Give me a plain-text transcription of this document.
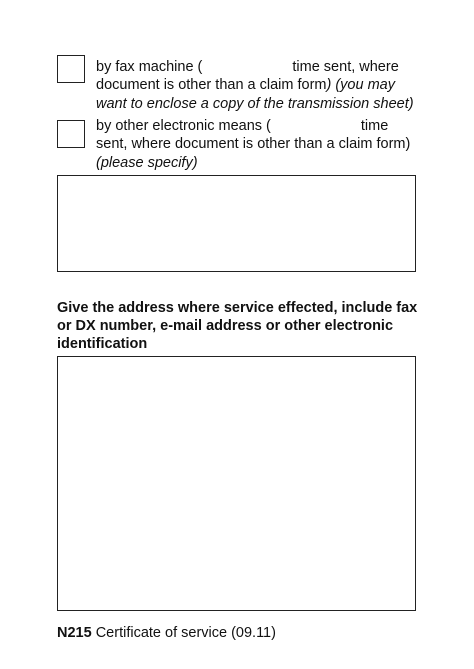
by fax machine (	time sent, where
document is other than a claim form) (you may
want to enclose a copy of the transmission sheet)
by other electronic means (	time
sent, where document is other than a claim form)
(please specify)
Give the address where service effected, include fax
or DX number, e-mail address or other electronic
identification
N215 Certificate of service (09.11)
